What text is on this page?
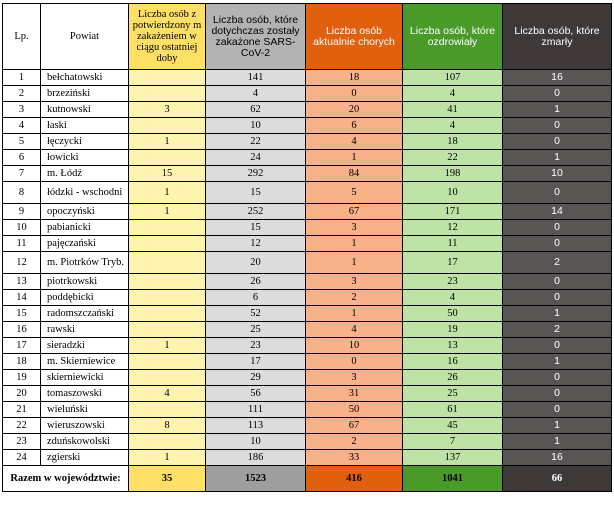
Lp.	Powiat	Liczba osób z potwierdzony m zakażeniem w ciągu ostatniej doby	Liczba osób, które dotychczas zostały zakażone SARS-CoV-2	Liczba osób aktualnie chorych	Liczba osób, które ozdrowiały	Liczba osób, które zmarły
1	bełchatowski		141	18	107	16
2	brzeziński		4	0	4	0
3	kutnowski	3	62	20	41	1
4	łaski		10	6	4	0
5	łęczycki	1	22	4	18	0
6	łowicki		24	1	22	1
7	m. Łódź	15	292	84	198	10
8	łódzki - wschodni	1	15	5	10	0
9	opoczyński	1	252	67	171	14
10	pabianicki		15	3	12	0
11	pajęczański		12	1	11	0
12	m. Piotrków Tryb.		20	1	17	2
13	piotrkowski		26	3	23	0
14	poddębicki		6	2	4	0
15	radomszczański		52	1	50	1
16	rawski		25	4	19	2
17	sieradzki	1	23	10	13	0
18	m. Skierniewice		17	0	16	1
19	skierniewicki		29	3	26	0
20	tomaszowski	4	56	31	25	0
21	wieluński		111	50	61	0
22	wieruszowski	8	113	67	45	1
23	zduńskowolski		10	2	7	1
24	zgierski	1	186	33	137	16
Razem w województwie:		35	1523	416	1041	66
